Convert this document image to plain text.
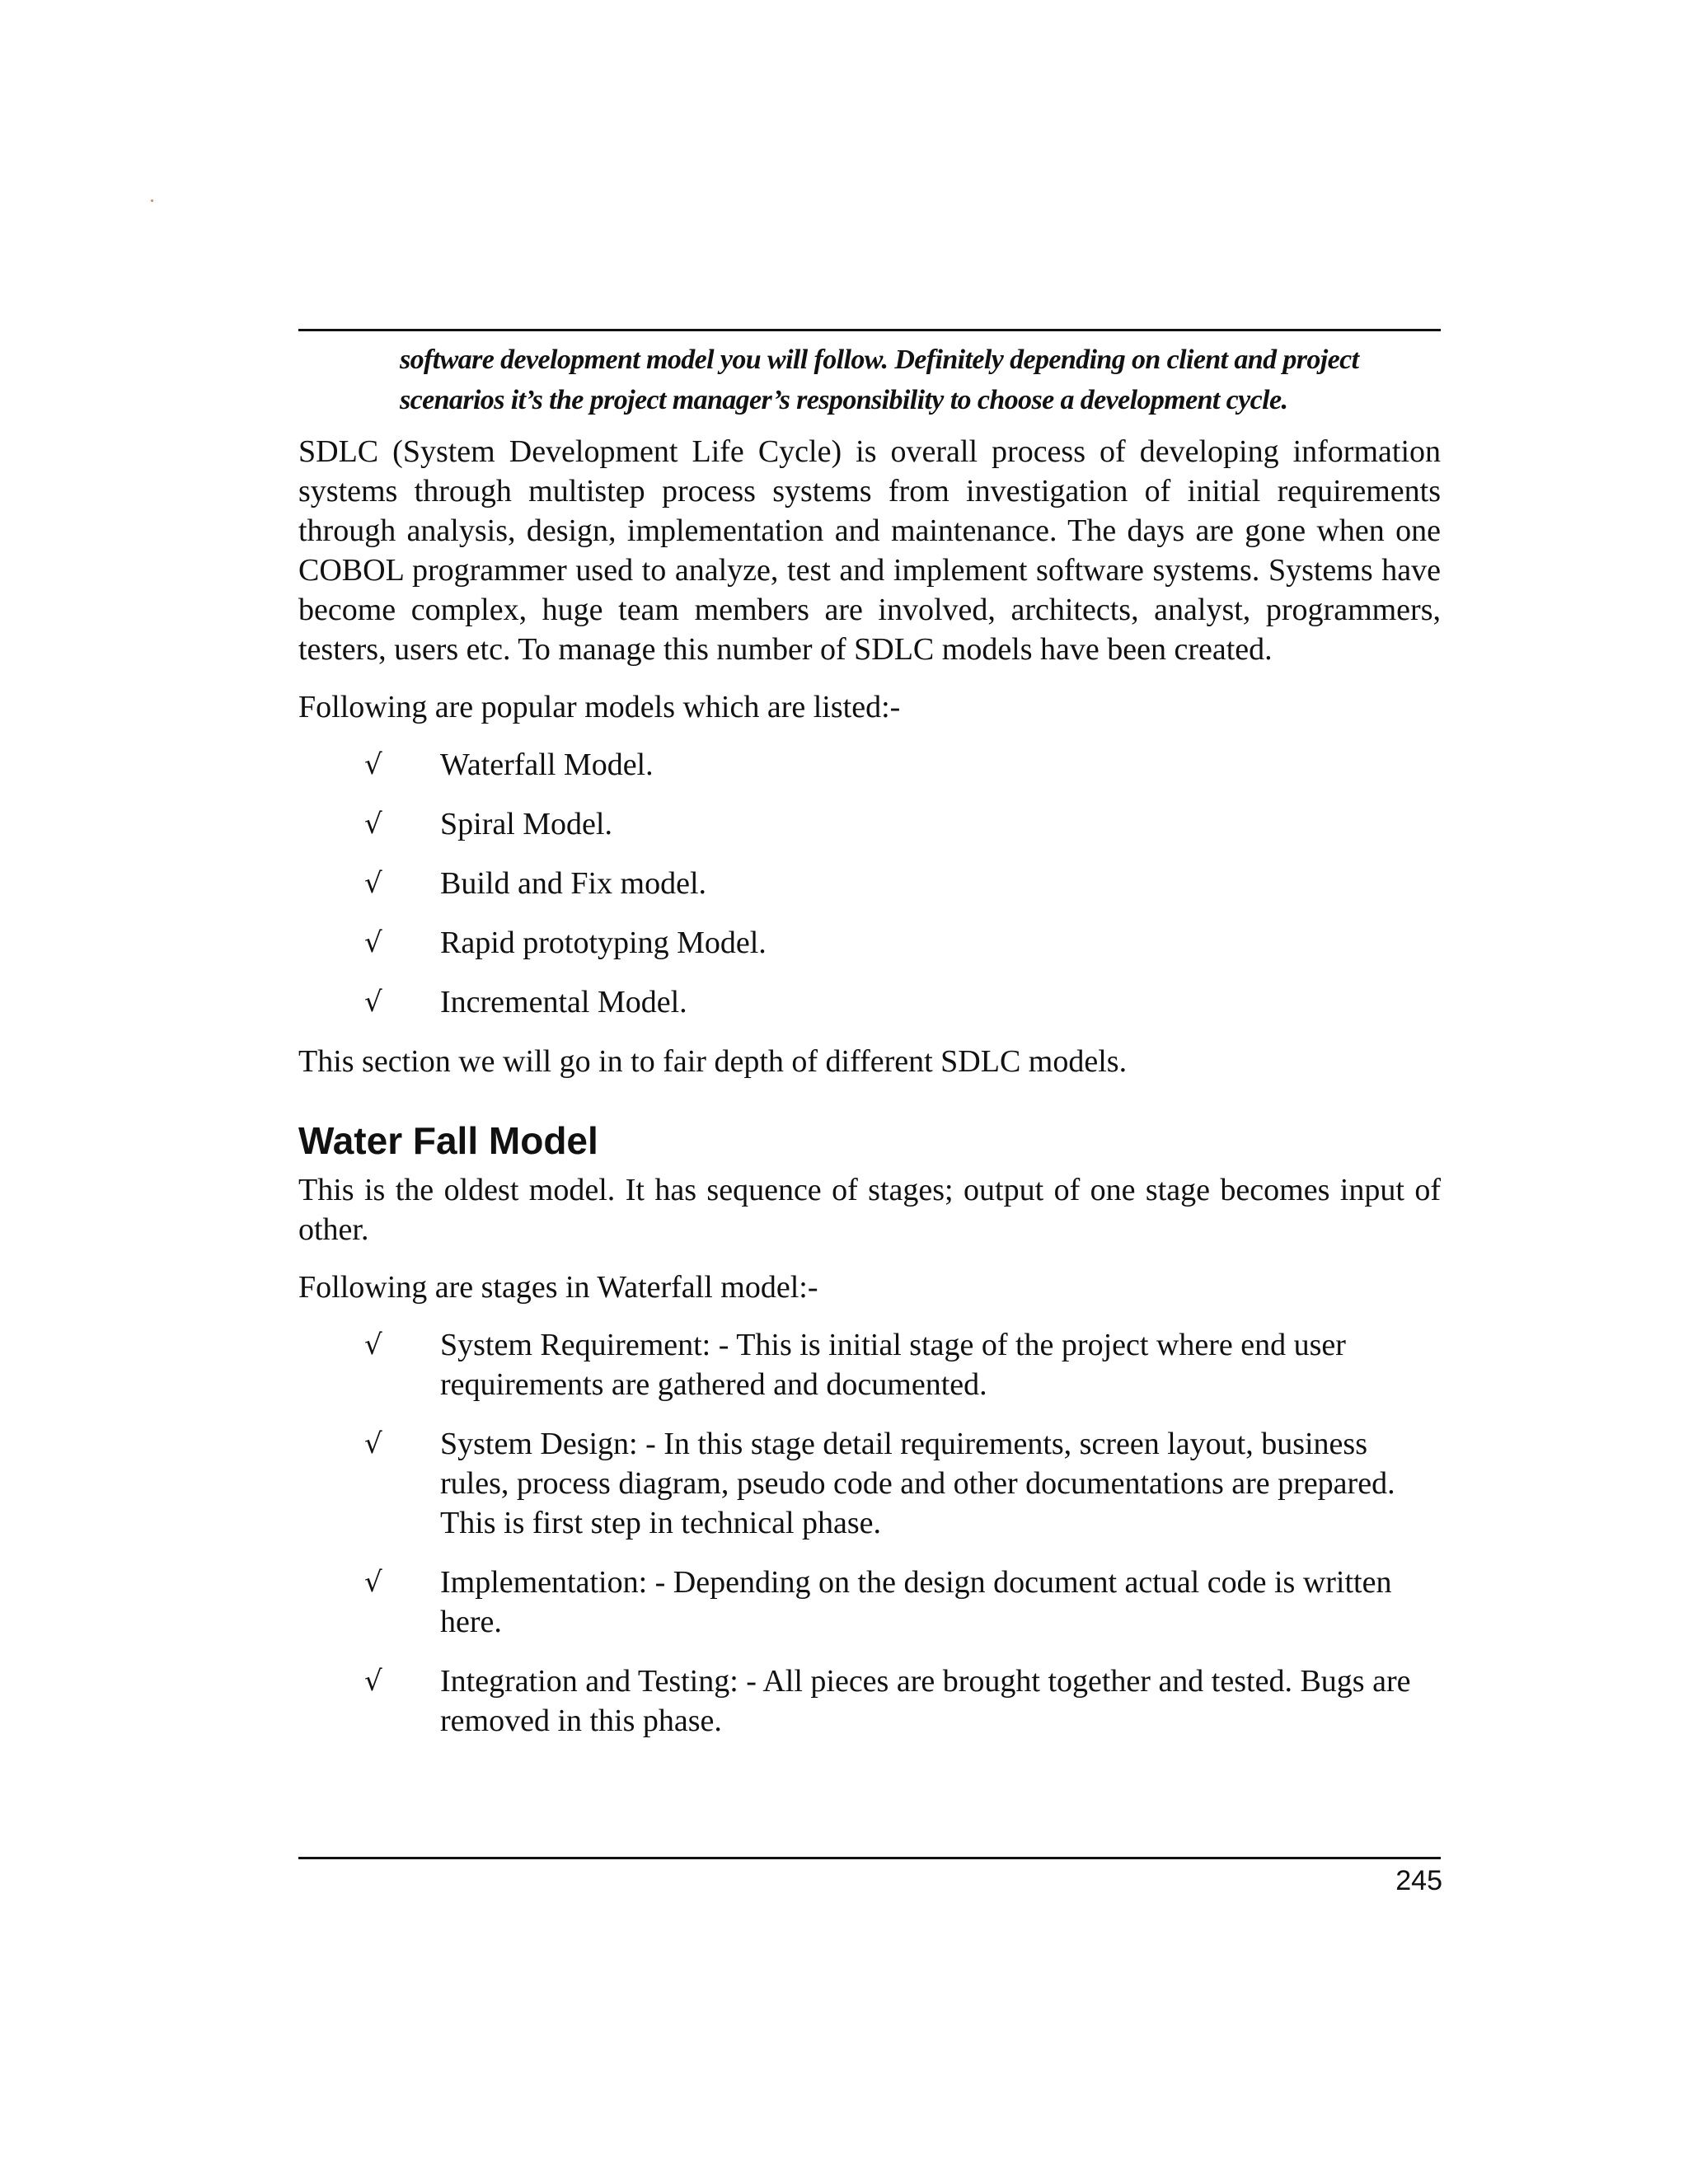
software development model you will follow. Definitely depending on client and project

scenarios it’s the project manager’s responsibility to choose a development cycle.

SDLC (System Development Life Cycle) is overall process of developing information systems through multistep process systems from investigation of initial requirements through analysis, design, implementation and maintenance. The days are gone when one COBOL programmer used to analyze, test and implement software systems. Systems have become complex, huge team members are involved, architects, analyst, programmers, testers, users etc. To manage this number of SDLC models have been created.

Following are popular models which are listed:-

√	Waterfall Model.
√	Spiral Model.
√	Build and Fix model.
√	Rapid prototyping Model.
√	Incremental Model.

This section we will go in to fair depth of different SDLC models.

Water Fall Model

This is the oldest model. It has sequence of stages; output of one stage becomes input of other.

Following are stages in Waterfall model:-

√	System Requirement: - This is initial stage of the project where end user requirements are gathered and documented.
√	System Design: - In this stage detail requirements, screen layout, business rules, process diagram, pseudo code and other documentations are prepared. This is first step in technical phase.
√	Implementation: - Depending on the design document actual code is written here.
√	Integration and Testing: - All pieces are brought together and tested. Bugs are removed in this phase.
245
